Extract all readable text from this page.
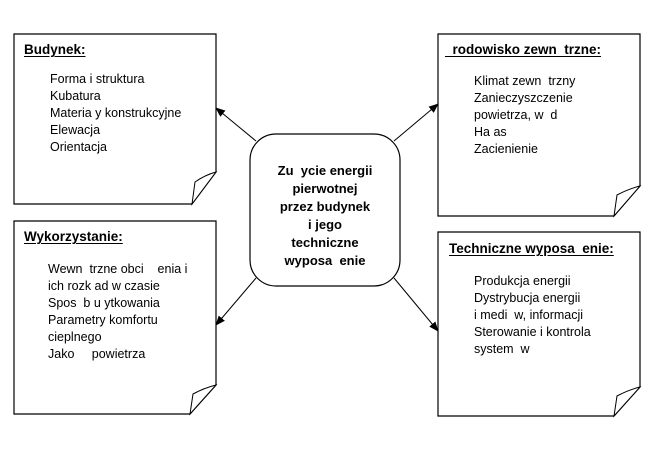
Zu  ycie energii
pierwotnej
przez budynek
i jego
techniczne
wyposa  enie
Budynek:
Forma i struktura
Kubatura
Materia y konstrukcyjne
Elewacja
Orientacja
rodowisko zewn  trzne:
Klimat zewn  trzny
Zanieczyszczenie
powietrza, w  d
Ha as
Zacienienie
Wykorzystanie:
Wewn  trzne obci    enia i
ich rozk ad w czasie
Spos  b u ytkowania
Parametry komfortu
cieplnego
Jako     powietrza
Techniczne wyposa  enie:
Produkcja energii
Dystrybucja energii
i medi  w, informacji
Sterowanie i kontrola
system  w
